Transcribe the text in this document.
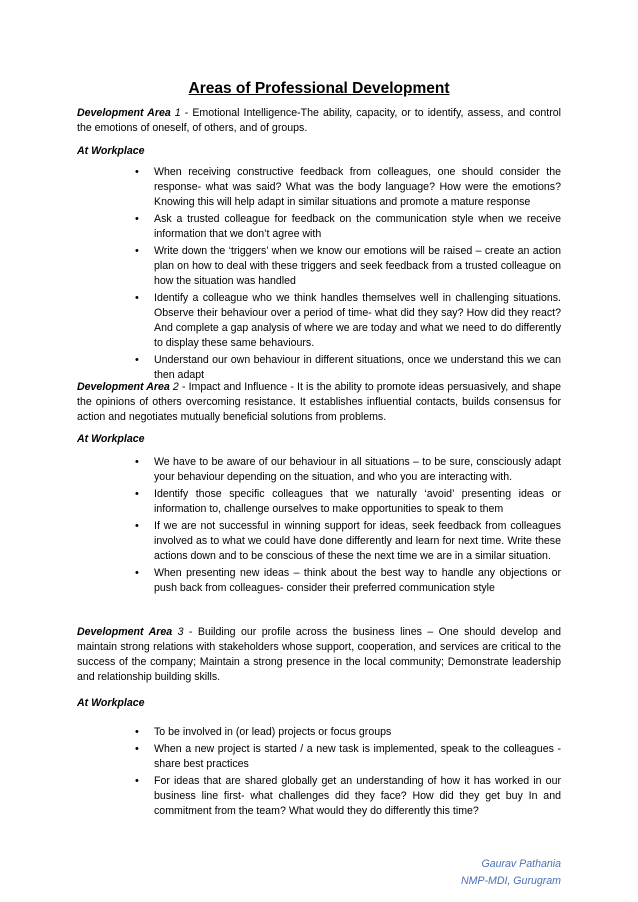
Areas of Professional Development
Development Area 1 - Emotional Intelligence-The ability, capacity, or to identify, assess, and control the emotions of oneself, of others, and of groups.
At Workplace
• When receiving constructive feedback from colleagues, one should consider the response- what was said? What was the body language? How were the emotions? Knowing this will help adapt in similar situations and promote a mature response
• Ask a trusted colleague for feedback on the communication style when we receive information that we don’t agree with
• Write down the ‘triggers’ when we know our emotions will be raised – create an action plan on how to deal with these triggers and seek feedback from a trusted colleague on how the situation was handled
• Identify a colleague who we think handles themselves well in challenging situations. Observe their behaviour over a period of time- what did they say? How did they react? And complete a gap analysis of where we are today and what we need to do differently to display these same behaviours.
• Understand our own behaviour in different situations, once we understand this we can then adapt
Development Area 2 - Impact and Influence - It is the ability to promote ideas persuasively, and shape the opinions of others overcoming resistance. It establishes influential contacts, builds consensus for action and negotiates mutually beneficial solutions from problems.
At Workplace
• We have to be aware of our behaviour in all situations – to be sure, consciously adapt your behaviour depending on the situation, and who you are interacting with.
• Identify those specific colleagues that we naturally ‘avoid’ presenting ideas or information to, challenge ourselves to make opportunities to speak to them
• If we are not successful in winning support for ideas, seek feedback from colleagues involved as to what we could have done differently and learn for next time. Write these actions down and to be conscious of these the next time we are in a similar situation.
• When presenting new ideas – think about the best way to handle any objections or push back from colleagues- consider their preferred communication style
Development Area 3 - Building our profile across the business lines – One should develop and maintain strong relations with stakeholders whose support, cooperation, and services are critical to the success of the company; Maintain a strong presence in the local community; Demonstrate leadership and relationship building skills.
At Workplace
• To be involved in (or lead) projects or focus groups
• When a new project is started / a new task is implemented, speak to the colleagues - share best practices
• For ideas that are shared globally get an understanding of how it has worked in our business line first- what challenges did they face? How did they get buy In and commitment from the team? What would they do differently this time?
Gaurav Pathania
NMP-MDI, Gurugram
